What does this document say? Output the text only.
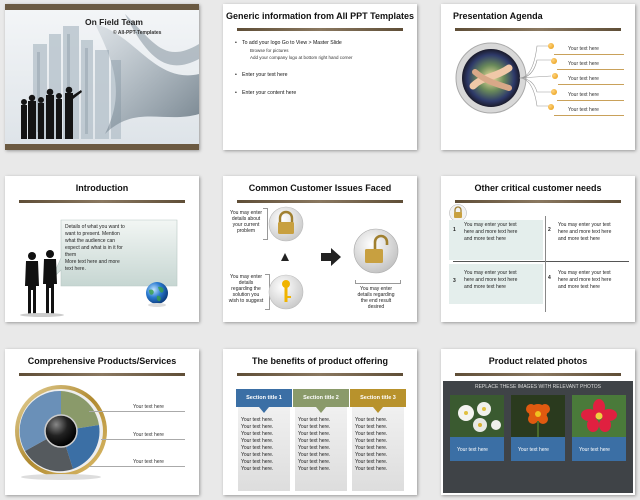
On Field Team
© All-PPT-Templates
Generic information from All PPT Templates
• To add your logo Go to View > Master Slide
Browse for pictures
Add your company logo at bottom right hand corner
• Enter your text here
• Enter your content here
Presentation Agenda
Your text here
Your text here
Your text here
Your text here
Your text here
Introduction
Details of what you want to
want to present. Mention
what the audience can
expect and what is in it for
them
More text here and more
text here.
Common Customer Issues Faced
You may enter
details about
your current
problem
You may enter
details
regarding the
solution you
wish to suggest
You may enter
details regarding
the end result
desired
Other critical customer needs
1
You may enter your text
here and more text here
and more text here
2
You may enter your text
here and more text here
and more text here
3
You may enter your text
here and more text here
and more text here
4
You may enter your text
here and more text here
and more text here
Comprehensive Products/Services
Your text here
Your text here
Your text here
The benefits of product offering
Section title 1
Your text here.
Your text here.
Your text here.
Your text here.
Your text here.
Your text here.
Your text here.
Your text here.
Section title 2
Your text here.
Your text here.
Your text here.
Your text here.
Your text here.
Your text here.
Your text here.
Your text here.
Section title 3
Your text here.
Your text here.
Your text here.
Your text here.
Your text here.
Your text here.
Your text here.
Your text here.
Product related photos
REPLACE THESE IMAGES WITH RELEVANT PHOTOS
Your text here	Your text here	Your text here
